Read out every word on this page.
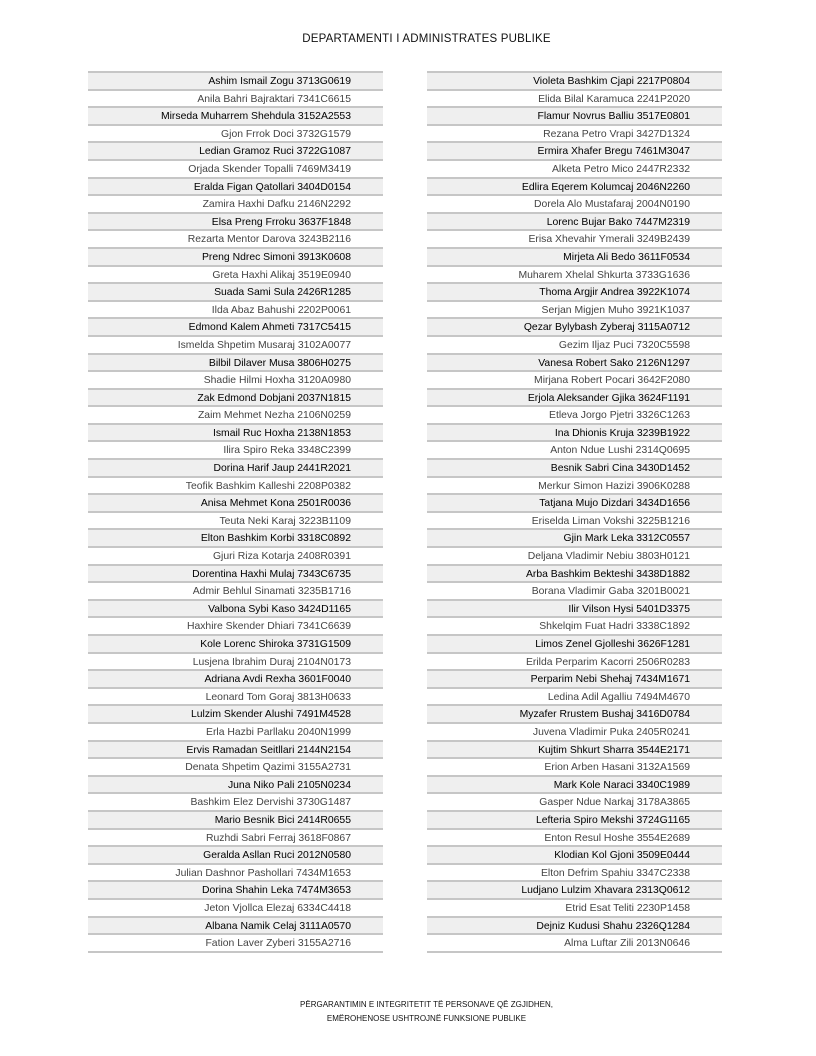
DEPARTAMENTI I ADMINISTRATES PUBLIKE
Ashim Ismail Zogu 3713G0619
Anila Bahri Bajraktari 7341C6615
Mirseda Muharrem Shehdula 3152A2553
Gjon Frrok Doci 3732G1579
Ledian Gramoz Ruci 3722G1087
Orjada Skender Topalli 7469M3419
Eralda Figan Qatollari 3404D0154
Zamira Haxhi Dafku 2146N2292
Elsa Preng Frroku 3637F1848
Rezarta Mentor Darova 3243B2116
Preng Ndrec Simoni 3913K0608
Greta Haxhi Alikaj 3519E0940
Suada Sami Sula 2426R1285
Ilda Abaz Bahushi 2202P0061
Edmond Kalem Ahmeti 7317C5415
Ismelda Shpetim Musaraj 3102A0077
Bilbil Dilaver Musa 3806H0275
Shadie Hilmi Hoxha 3120A0980
Zak Edmond Dobjani 2037N1815
Zaim Mehmet Nezha 2106N0259
Ismail Ruc Hoxha 2138N1853
Ilira Spiro Reka 3348C2399
Dorina Harif Jaup 2441R2021
Teofik Bashkim Kalleshi 2208P0382
Anisa Mehmet Kona 2501R0036
Teuta Neki Karaj 3223B1109
Elton Bashkim Korbi 3318C0892
Gjuri Riza Kotarja 2408R0391
Dorentina Haxhi Mulaj 7343C6735
Admir Behlul Sinamati 3235B1716
Valbona Sybi Kaso 3424D1165
Haxhire Skender Dhiari 7341C6639
Kole Lorenc Shiroka 3731G1509
Lusjena Ibrahim Duraj 2104N0173
Adriana Avdi Rexha 3601F0040
Leonard Tom Goraj 3813H0633
Lulzim Skender Alushi 7491M4528
Erla Hazbi Parllaku 2040N1999
Ervis Ramadan Seitllari 2144N2154
Denata Shpetim Qazimi 3155A2731
Juna Niko Pali 2105N0234
Bashkim Elez Dervishi 3730G1487
Mario Besnik Bici 2414R0655
Ruzhdi Sabri Ferraj 3618F0867
Geralda Asllan Ruci 2012N0580
Julian Dashnor Pashollari 7434M1653
Dorina Shahin Leka 7474M3653
Jeton Vjollca Elezaj 6334C4418
Albana Namik Celaj 3111A0570
Fation Laver Zyberi 3155A2716
Violeta Bashkim Cjapi 2217P0804
Elida Bilal Karamuca 2241P2020
Flamur Novrus Balliu 3517E0801
Rezana Petro Vrapi 3427D1324
Ermira Xhafer Bregu 7461M3047
Alketa Petro Mico 2447R2332
Edlira Eqerem Kolumcaj 2046N2260
Dorela Alo Mustafaraj 2004N0190
Lorenc Bujar Bako 7447M2319
Erisa Xhevahir Ymerali 3249B2439
Mirjeta Ali Bedo 3611F0534
Muharem Xhelal Shkurta 3733G1636
Thoma Argjir Andrea 3922K1074
Serjan Migjen Muho 3921K1037
Qezar Bylybash Zyberaj 3115A0712
Gezim Iljaz Puci 7320C5598
Vanesa Robert Sako 2126N1297
Mirjana Robert Pocari 3642F2080
Erjola Aleksander Gjika 3624F1191
Etleva Jorgo Pjetri 3326C1263
Ina Dhionis Kruja 3239B1922
Anton Ndue Lushi 2314Q0695
Besnik Sabri Cina 3430D1452
Merkur Simon Hazizi 3906K0288
Tatjana Mujo Dizdari 3434D1656
Eriselda Liman Vokshi 3225B1216
Gjin Mark Leka 3312C0557
Deljana Vladimir Nebiu 3803H0121
Arba Bashkim Bekteshi 3438D1882
Borana Vladimir Gaba 3201B0021
Ilir Vilson Hysi 5401D3375
Shkelqim Fuat Hadri 3338C1892
Limos Zenel Gjolleshi 3626F1281
Erilda Perparim Kacorri 2506R0283
Perparim Nebi Shehaj 7434M1671
Ledina Adil Agalliu 7494M4670
Myzafer Rrustem Bushaj 3416D0784
Juvena Vladimir Puka 2405R0241
Kujtim Shkurt Sharra 3544E2171
Erion Arben Hasani 3132A1569
Mark Kole Naraci 3340C1989
Gasper Ndue Narkaj 3178A3865
Lefteria Spiro Mekshi 3724G1165
Enton Resul Hoshe 3554E2689
Klodian Kol Gjoni 3509E0444
Elton Defrim Spahiu 3347C2338
Ludjano Lulzim Xhavara 2313Q0612
Etrid Esat Teliti 2230P1458
Dejniz Kudusi Shahu 2326Q1284
Alma Luftar Zili 2013N0646
PËRGARANTIMIN E INTEGRITETIT TË PERSONAVE QË ZGJIDHEN,
EMËROHENOSE USHTROJNË FUNKSIONE PUBLIKE
